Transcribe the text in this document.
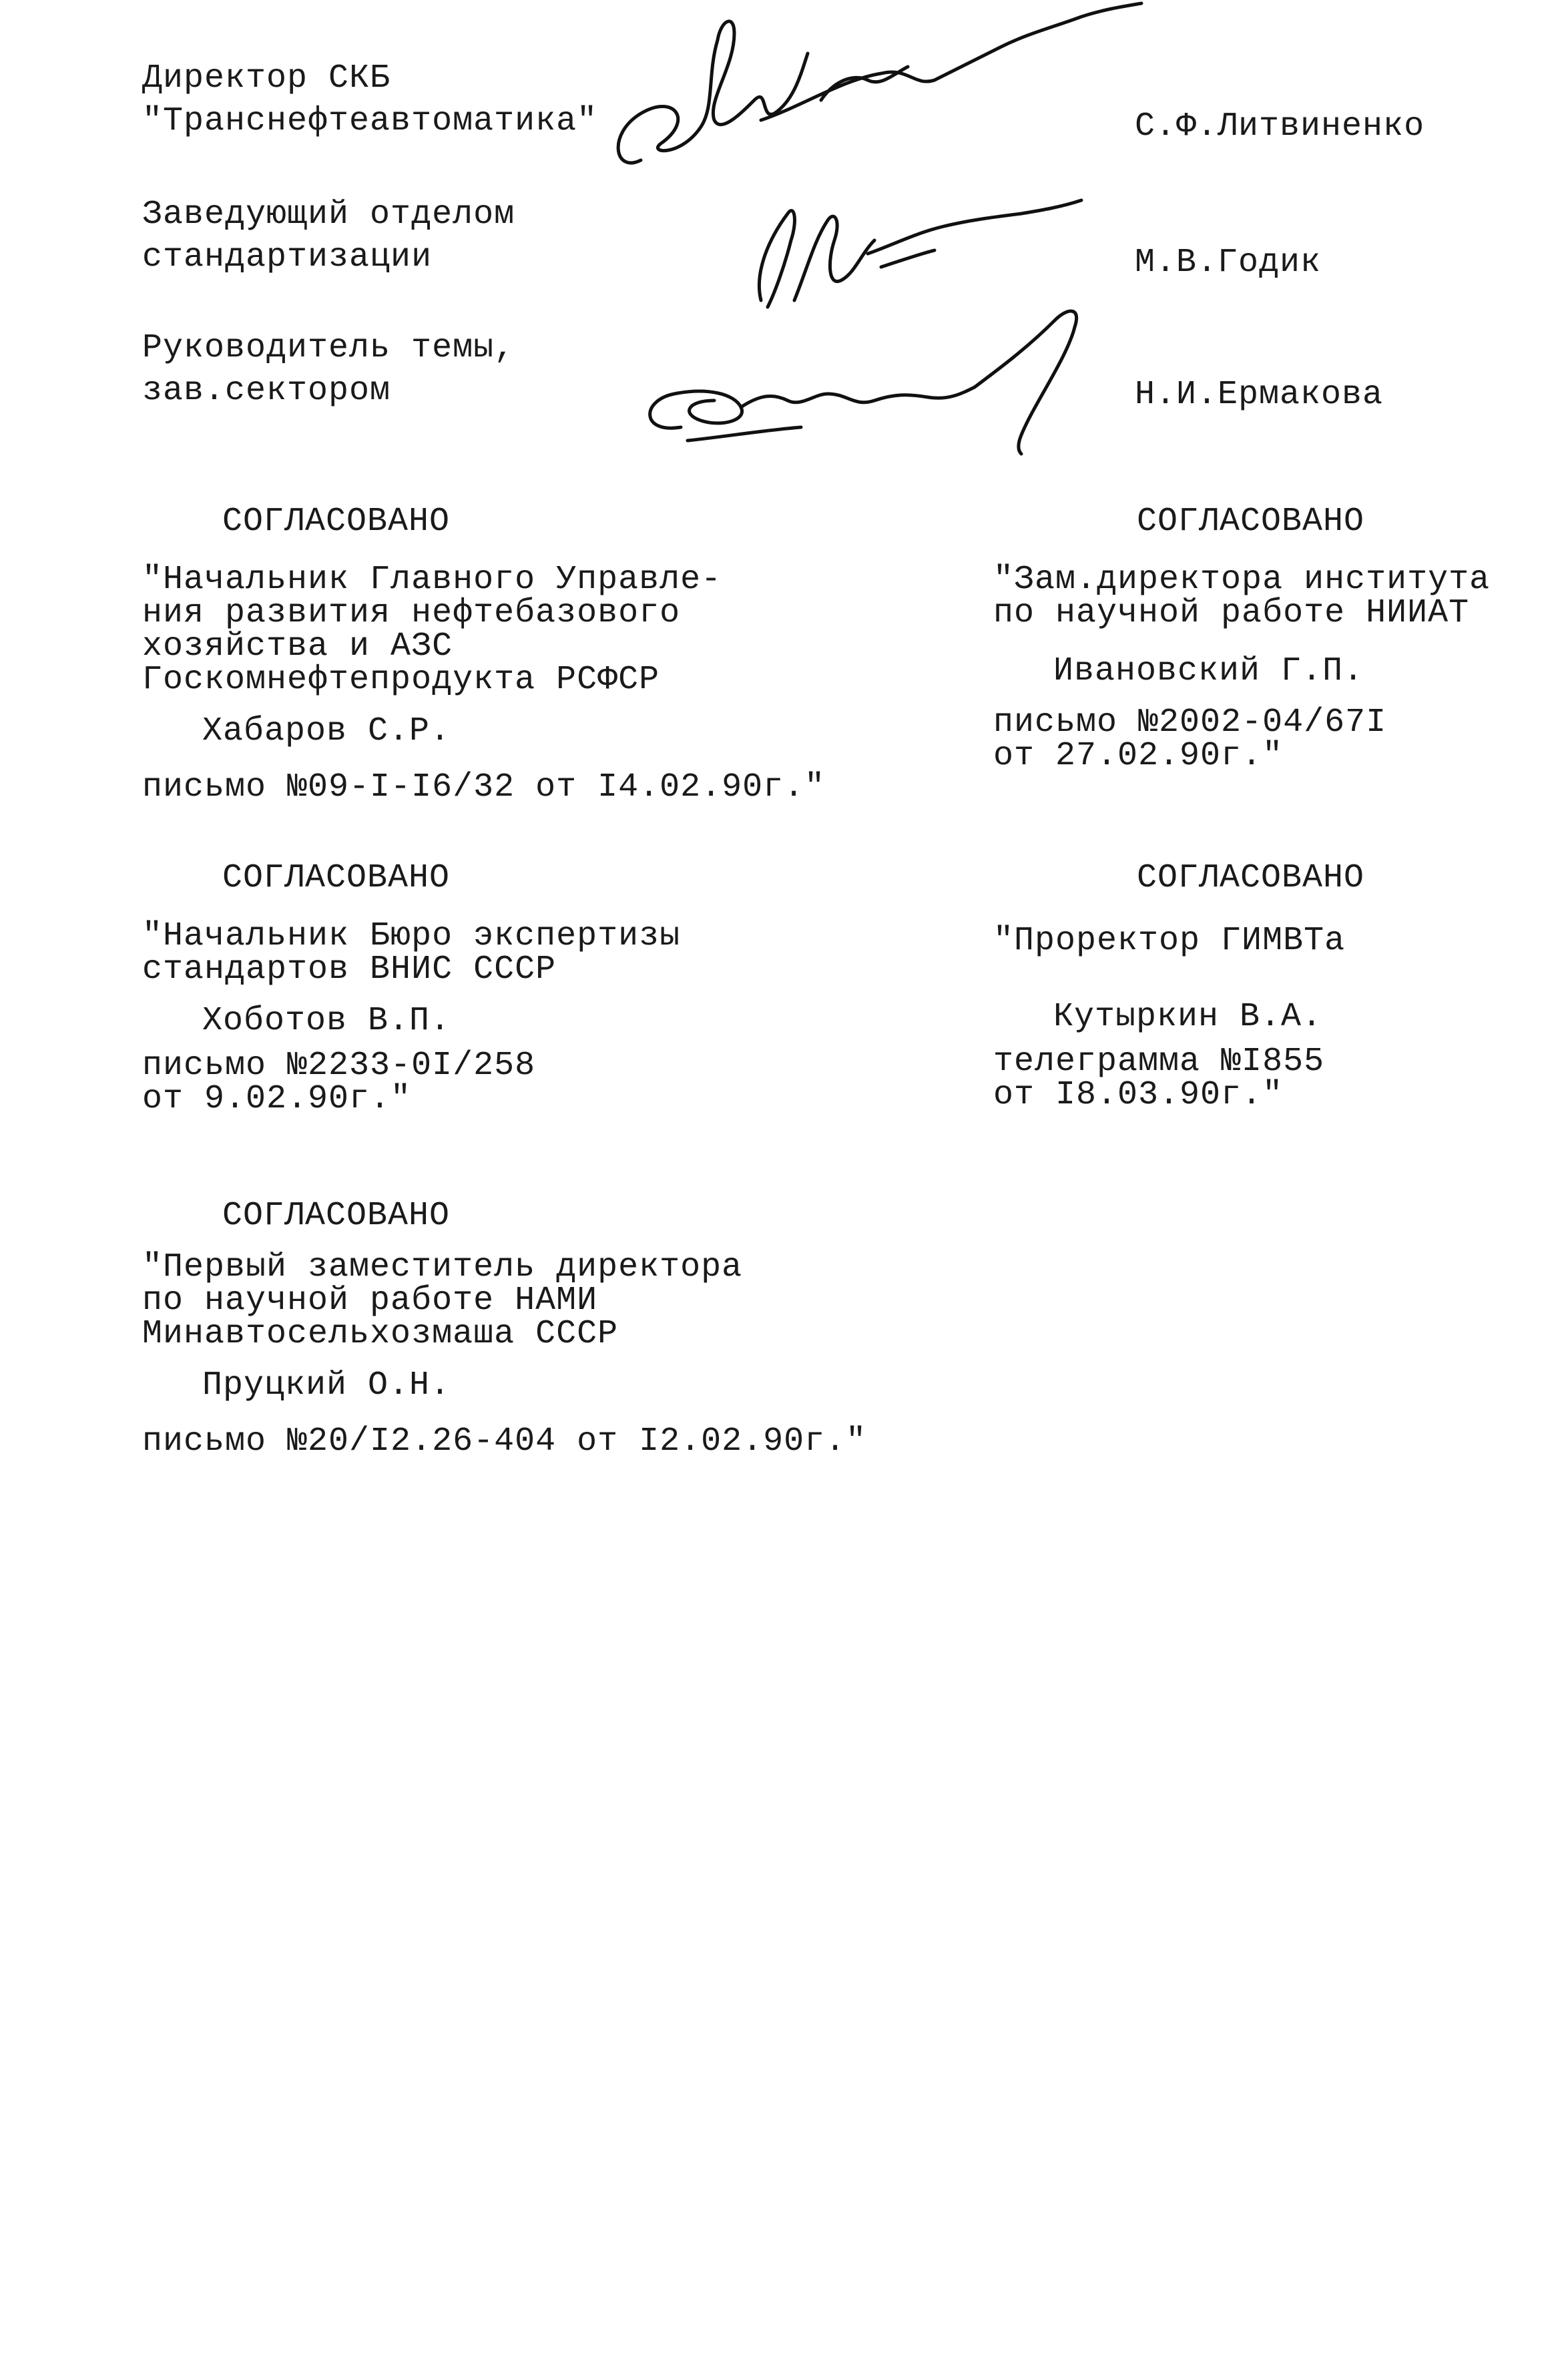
Директор СКБ
"Транснефтеавтоматика"	С.Ф.Литвиненко
Заведующий отделом
стандартизации	М.В.Годик
Руководитель темы,
зав.сектором	Н.И.Ермакова
СОГЛАСОВАНО
"Начальник Главного Управле-
ния развития нефтебазового
хозяйства и АЗС
Госкомнефтепродукта РСФСР
Хабаров С.Р.
письмо №09-I-I6/32 от I4.02.90г."
СОГЛАСОВАНО
"Начальник Бюро экспертизы
стандартов ВНИС СССР
Хоботов В.П.
письмо №2233-0I/258
от 9.02.90г."
СОГЛАСОВАНО
"Первый заместитель директора
по научной работе НАМИ
Минавтосельхозмаша СССР
Пруцкий О.Н.
письмо №20/I2.26-404 от I2.02.90г."
СОГЛАСОВАНО
"Зам.директора института
по научной работе НИИАТ
Ивановский Г.П.
письмо №2002-04/67I
от 27.02.90г."
СОГЛАСОВАНО
"Проректор ГИМВТа
Кутыркин В.А.
телеграмма №I855
от I8.03.90г."
